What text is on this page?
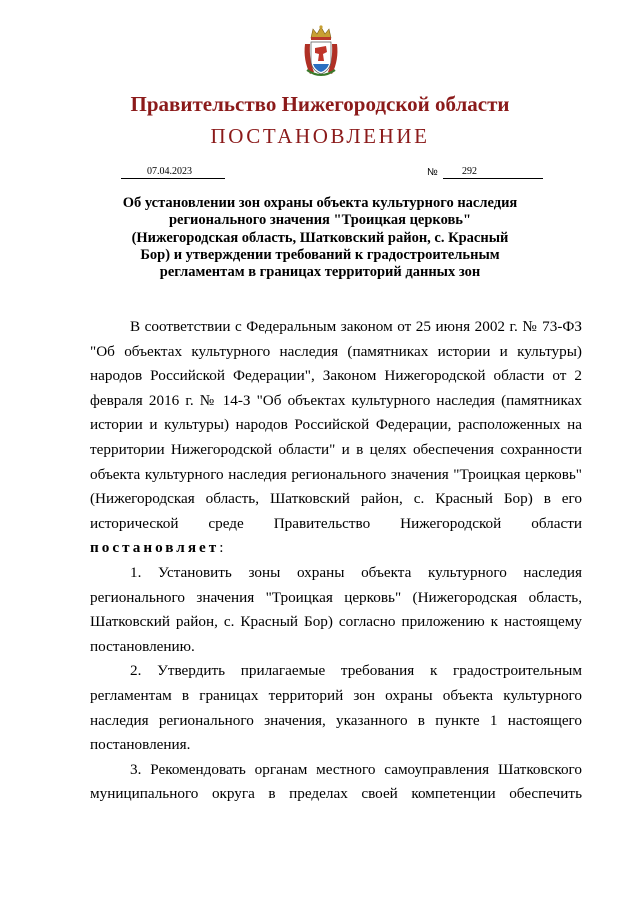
Правительство Нижегородской области
ПОСТАНОВЛЕНИЕ
07.04.2023	№	292
Об установлении зон охраны объекта культурного наследия
регионального значения "Троицкая церковь"
(Нижегородская область, Шатковский район, с. Красный
Бор) и утверждении требований к градостроительным
регламентам в границах территорий данных зон

В соответствии с Федеральным законом от 25 июня 2002 г. № 73-ФЗ "Об объектах культурного наследия (памятниках истории и культуры) народов Российской Федерации", Законом Нижегородской области от 2 февраля 2016 г. № 14-З "Об объектах культурного наследия (памятниках истории и культуры) народов Российской Федерации, расположенных на территории Нижегородской области" и в целях обеспечения сохранности объекта культурного наследия регионального значения "Троицкая церковь" (Нижегородская область, Шатковский район, с. Красный Бор) в его исторической среде Правительство Нижегородской области постановляет:

1. Установить зоны охраны объекта культурного наследия регионального значения "Троицкая церковь" (Нижегородская область, Шатковский район, с. Красный Бор) согласно приложению к настоящему постановлению.

2. Утвердить прилагаемые требования к градостроительным регламентам в границах территорий зон охраны объекта культурного наследия регионального значения, указанного в пункте 1 настоящего постановления.

3. Рекомендовать органам местного самоуправления Шатковского муниципального округа в пределах своей компетенции обеспечить
